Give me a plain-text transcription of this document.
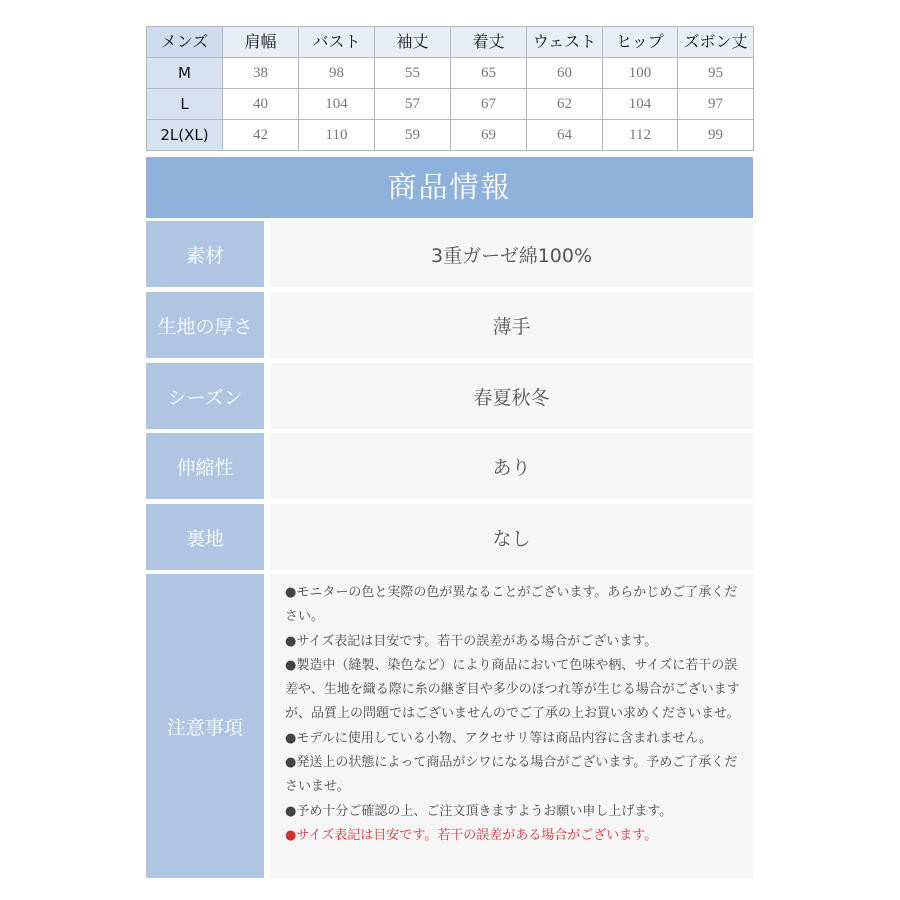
メンズ	肩幅	バスト	袖丈	着丈	ウェスト	ヒップ	ズボン丈
M	38	98	55	65	60	100	95
L	40	104	57	67	62	104	97
2L(XL)	42	110	59	69	64	112	99
商品情報
素材	3重ガーゼ綿100%
生地の厚さ	薄手
シーズン	春夏秋冬
伸縮性	あり
裏地	なし
注意事項

●モニターの色と実際の色が異なることがございます。あらかじめご了承ください。

●サイズ表記は目安です。若干の誤差がある場合がございます。

●製造中（縫製、染色など）により商品において色味や柄、サイズに若干の誤差や、生地を織る際に糸の継ぎ目や多少のほつれ等が生じる場合がございますが、品質上の問題ではございませんのでご了承の上お買い求めくださいませ。

●モデルに使用している小物、アクセサリ等は商品内容に含まれません。

●発送上の状態によって商品がシワになる場合がございます。予めご了承くださいませ。

●予め十分ご確認の上、ご注文頂きますようお願い申し上げます。

●サイズ表記は目安です。若干の誤差がある場合がございます。
